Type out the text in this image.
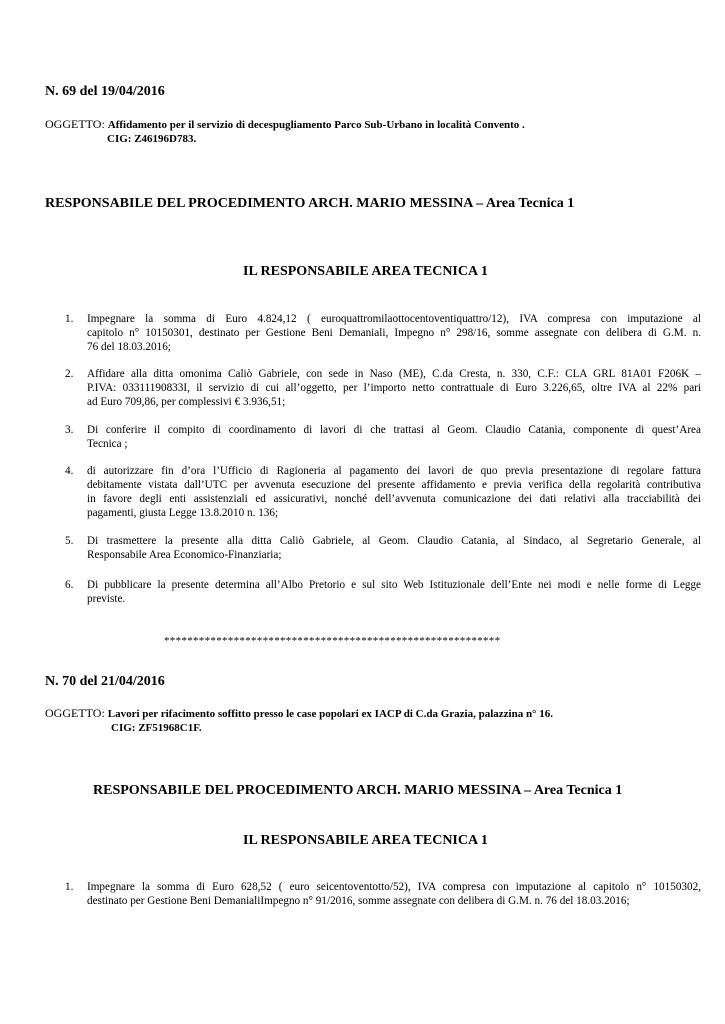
N. 69 del 19/04/2016
OGGETTO: Affidamento per il servizio di decespugliamento Parco Sub-Urbano in località Convento .
CIG: Z46196D783.
RESPONSABILE DEL PROCEDIMENTO ARCH. MARIO MESSINA – Area Tecnica 1
IL RESPONSABILE AREA TECNICA 1
1. Impegnare la somma di Euro 4.824,12 ( euroquattromilaottocentoventiquattro/12), IVA compresa con imputazione al
capitolo n° 10150301, destinato per Gestione Beni Demaniali, Impegno n° 298/16, somme assegnate con delibera di G.M. n.
76 del 18.03.2016;
2. Affidare alla ditta omonima Caliò Gabriele, con sede in Naso (ME), C.da Cresta, n. 330, C.F.: CLA GRL 81A01 F206K –
P.IVA: 03311190833I, il servizio di cui all’oggetto, per l’importo netto contrattuale di Euro 3.226,65, oltre IVA al 22% pari
ad Euro 709,86, per complessivi € 3.936,51;
3. Di conferire il compito di coordinamento di lavori di che trattasi al Geom. Claudio Catania, componente di quest’Area
Tecnica ;
4. di autorizzare fin d’ora l’Ufficio di Ragioneria al pagamento dei lavori de quo previa presentazione di regolare fattura
debitamente vistata dall’UTC per avvenuta esecuzione del presente affidamento e previa verifica della regolarità contributiva
in favore degli enti assistenziali ed assicurativi, nonché dell’avvenuta comunicazione dei dati relativi alla tracciabilità dei
pagamenti, giusta Legge 13.8.2010 n. 136;
5. Di trasmettere la presente alla ditta Caliò Gabriele, al Geom. Claudio Catania, al Sindaco, al Segretario Generale, al
Responsabile Area Economico-Finanziaria;
6. Di pubblicare la presente determina all’Albo Pretorio e sul sito Web Istituzionale dell’Ente nei modi e nelle forme di Legge
previste.
**********************************************************
N. 70 del 21/04/2016
OGGETTO: Lavori per rifacimento soffitto presso le case popolari ex IACP di C.da Grazia, palazzina n° 16.
CIG: ZF51968C1F.
RESPONSABILE DEL PROCEDIMENTO ARCH. MARIO MESSINA – Area Tecnica 1
IL RESPONSABILE AREA TECNICA 1
1. Impegnare la somma di Euro 628,52 ( euro seicentoventotto/52), IVA compresa con imputazione al capitolo n° 10150302,
destinato per Gestione Beni DemanialiImpegno n° 91/2016, somme assegnate con delibera di G.M. n. 76 del 18.03.2016;
